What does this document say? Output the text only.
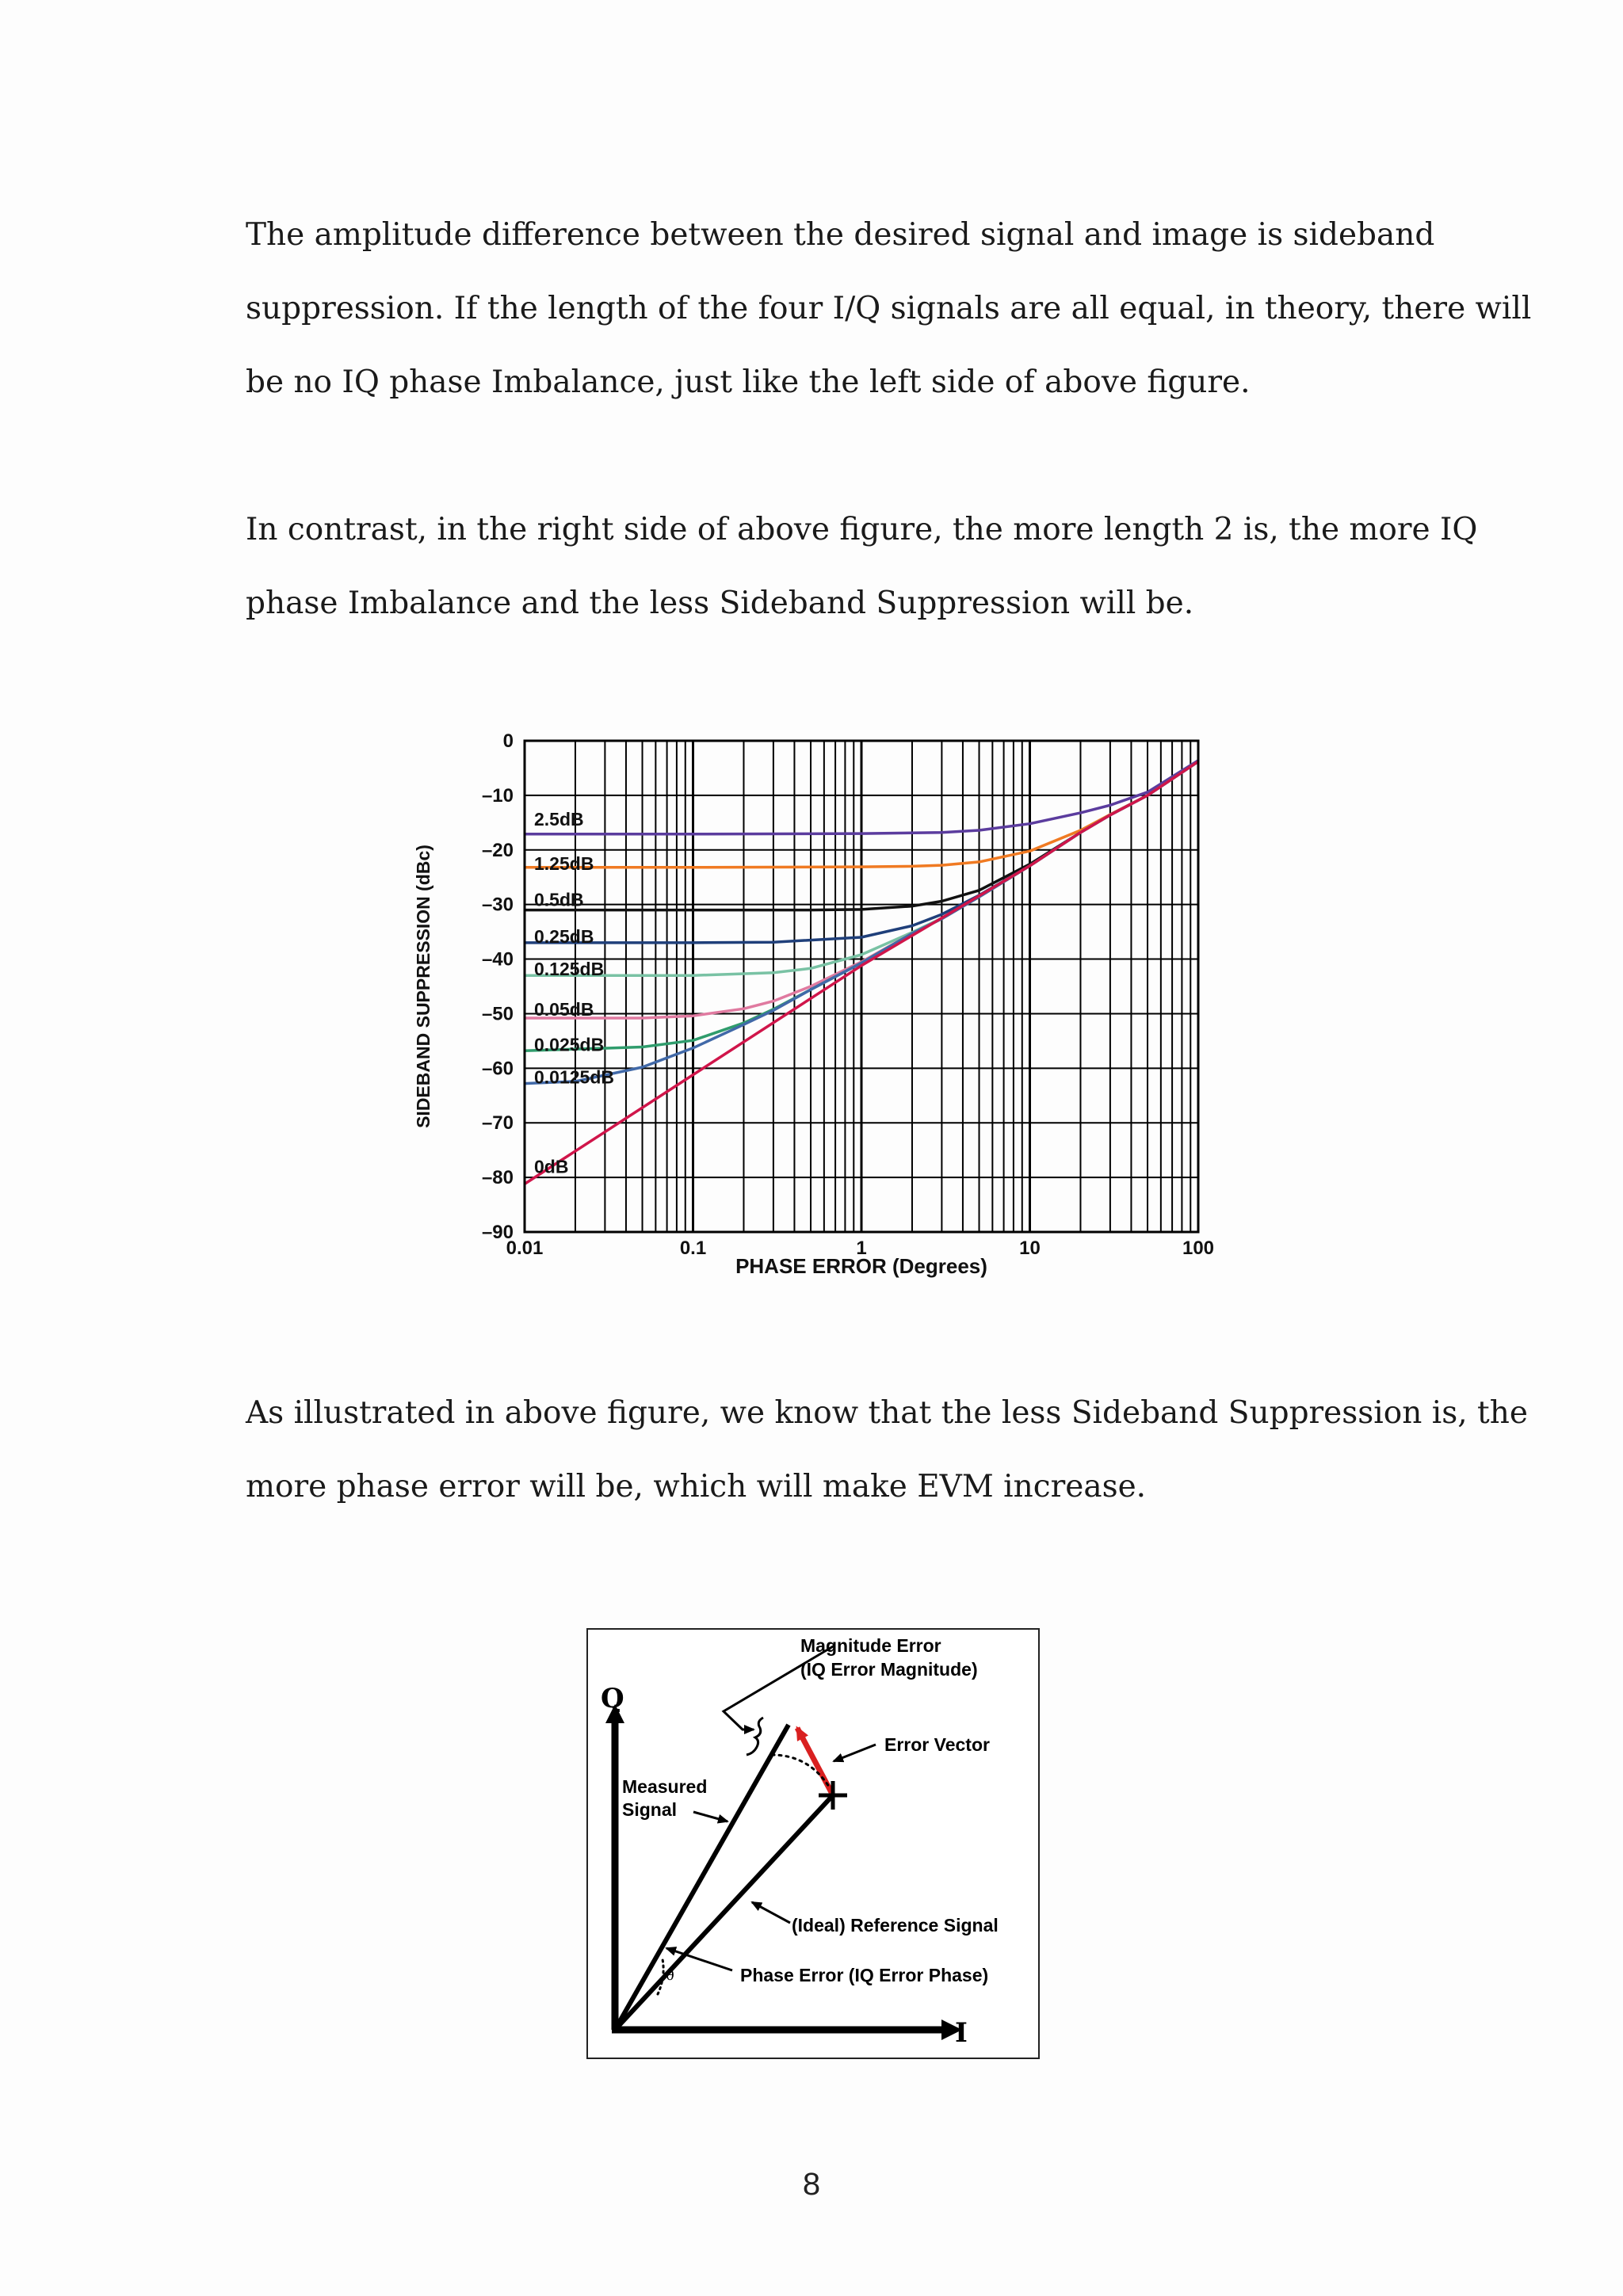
The amplitude difference between the desired signal and image is sideband
suppression. If the length of the four I/Q signals are all equal, in theory, there will
be no IQ phase Imbalance, just like the left side of above figure.
In contrast, in the right side of above figure, the more length 2 is, the more IQ
phase Imbalance and the less Sideband Suppression will be.
0.01	0.1	1	10	100
0
–10
–20
–30
–40
–50
–60
–70
–80
–90
2.5dB
1.25dB
0.5dB
0.25dB
0.125dB
0.05dB
0.025dB
0.0125dB
0dB
PHASE ERROR (Degrees)
SIDEBAND SUPPRESSION (dBc)
As illustrated in above figure, we know that the less Sideband Suppression is, the
more phase error will be, which will make EVM increase.
Q
I
θ
Magnitude Error
(IQ Error Magnitude)
Error Vector
Measured
Signal
(Ideal) Reference Signal
Phase Error (IQ Error Phase)
8
